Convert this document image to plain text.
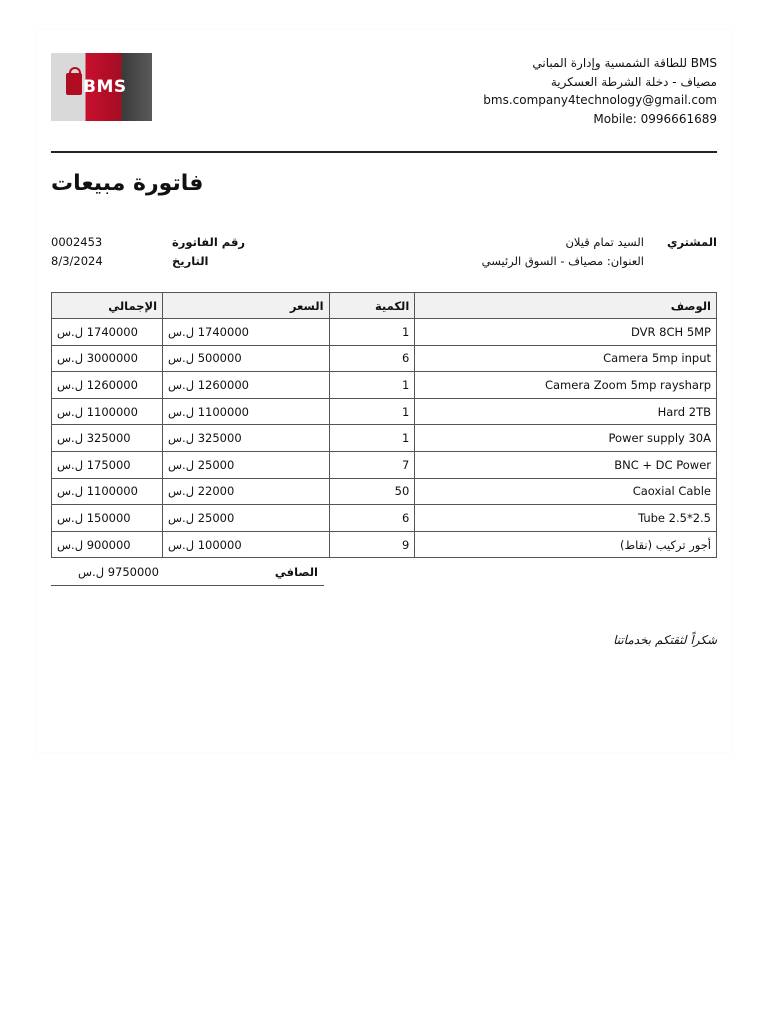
BMS
BMS للطاقة الشمسية وإدارة المباني
مصياف - دخلة الشرطة العسكرية
bms.company4technology@gmail.com
Mobile: 0996661689
فاتورة مبيعات
المشتري
السيد تمام قيلان
العنوان: مصياف - السوق الرئيسي
رقم الفاتورة
0002453
التاريخ
8/3/2024
الوصف	الكمية	السعر	الإجمالي
DVR 8CH 5MP	1	1740000 ل.س	1740000 ل.س
Camera 5mp input	6	500000 ل.س	3000000 ل.س
Camera Zoom 5mp raysharp	1	1260000 ل.س	1260000 ل.س
Hard 2TB	1	1100000 ل.س	1100000 ل.س
Power supply 30A	1	325000 ل.س	325000 ل.س
BNC + DC Power	7	25000 ل.س	175000 ل.س
Caoxial Cable	50	22000 ل.س	1100000 ل.س
Tube 2.5*2.5	6	25000 ل.س	150000 ل.س
أجور تركيب (نقاط)	9	100000 ل.س	900000 ل.س
الصافي
9750000 ل.س
شكراً لثقتكم بخدماتنا
